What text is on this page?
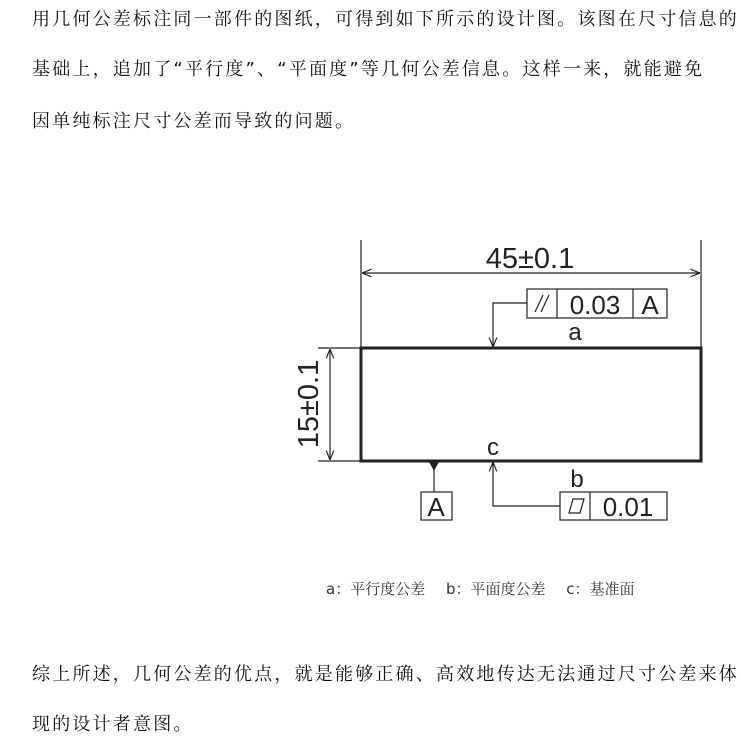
用几何公差标注同一部件的图纸，可得到如下所示的设计图。该图在尺寸信息的
基础上，追加了“平行度”、“平面度”等几何公差信息。这样一来，就能避免
因单纯标注尺寸公差而导致的问题。
45±0.1
15±0.1
0.03 A
a
c
b
A	0.01
a：平行度公差 b：平面度公差 c：基准面
综上所述，几何公差的优点，就是能够正确、高效地传达无法通过尺寸公差来体
现的设计者意图。
